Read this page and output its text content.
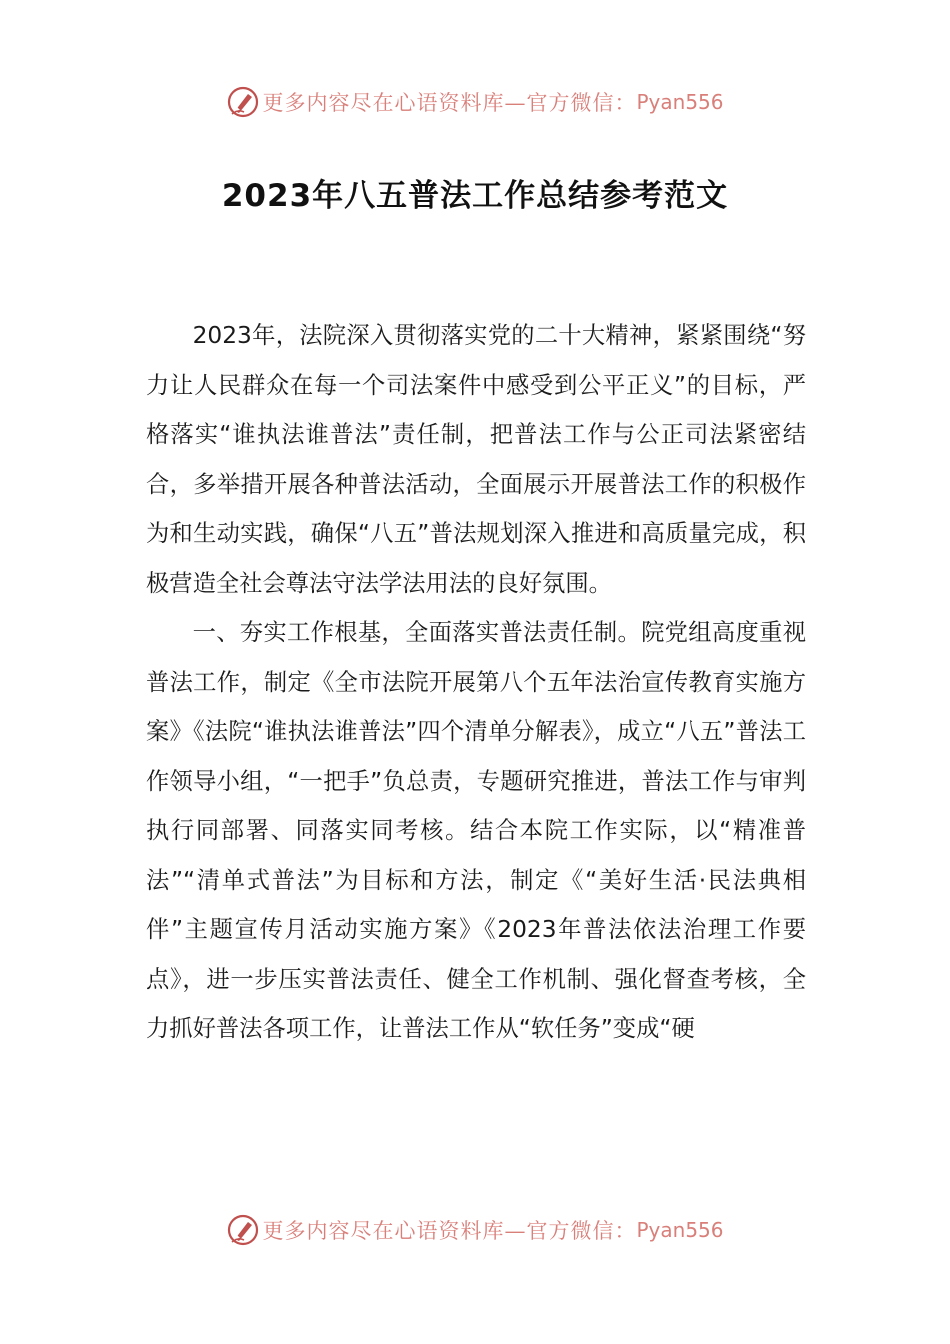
更多内容尽在心语资料库—官方微信： Pyan556
2023年八五普法工作总结参考范文

2023年，法院深入贯彻落实党的二十大精神，紧紧围绕“努力让人民群众在每一个司法案件中感受到公平正义”的目标，严格落实“谁执法谁普法”责任制，把普法工作与公正司法紧密结合，多举措开展各种普法活动，全面展示开展普法工作的积极作为和生动实践，确保“八五”普法规划深入推进和高质量完成，积极营造全社会尊法守法学法用法的良好氛围。

一、夯实工作根基，全面落实普法责任制。院党组高度重视普法工作，制定《全市法院开展第八个五年法治宣传教育实施方案》《法院“谁执法谁普法”四个清单分解表》，成立“八五”普法工作领导小组，“一把手”负总责，专题研究推进，普法工作与审判执行同部署、同落实同考核。结合本院工作实际，以“精准普法”“清单式普法”为目标和方法，制定《“美好生活·民法典相伴”主题宣传月活动实施方案》《2023年普法依法治理工作要点》，进一步压实普法责任、健全工作机制、强化督查考核，全力抓好普法各项工作，让普法工作从“软任务”变成“硬

更多内容尽在心语资料库—官方微信： Pyan556
